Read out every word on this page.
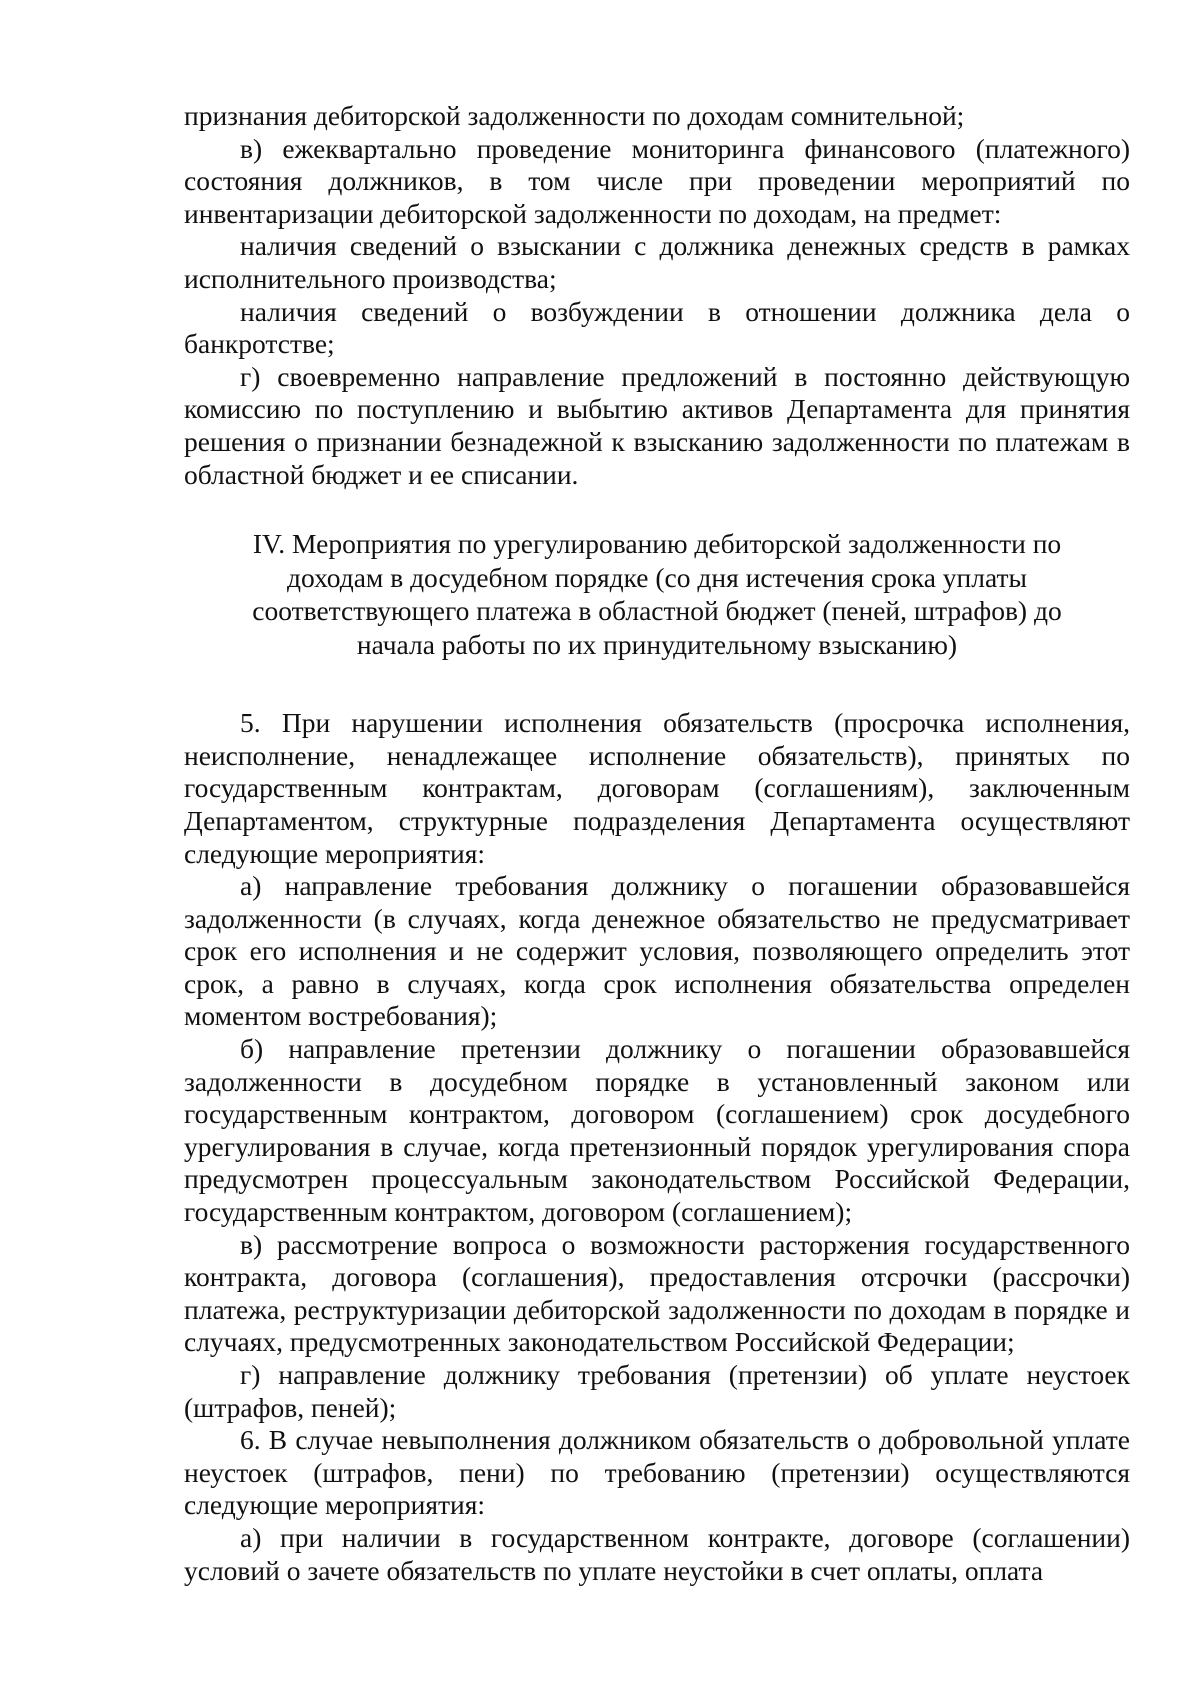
признания дебиторской задолженности по доходам сомнительной;

в) ежеквартально проведение мониторинга финансового (платежного) состояния должников, в том числе при проведении мероприятий по инвентаризации дебиторской задолженности по доходам, на предмет:

наличия сведений о взыскании с должника денежных средств в рамках исполнительного производства;

наличия сведений о возбуждении в отношении должника дела о банкротстве;

г) своевременно направление предложений в постоянно действующую комиссию по поступлению и выбытию активов Департамента для принятия решения о признании безнадежной к взысканию задолженности по платежам в областной бюджет и ее списании.

IV. Мероприятия по урегулированию дебиторской задолженности по доходам в досудебном порядке (со дня истечения срока уплаты соответствующего платежа в областной бюджет (пеней, штрафов) до начала работы по их принудительному взысканию)

5. При нарушении исполнения обязательств (просрочка исполнения, неисполнение, ненадлежащее исполнение обязательств), принятых по государственным контрактам, договорам (соглашениям), заключенным Департаментом, структурные подразделения Департамента осуществляют следующие мероприятия:

а) направление требования должнику о погашении образовавшейся задолженности (в случаях, когда денежное обязательство не предусматривает срок его исполнения и не содержит условия, позволяющего определить этот срок, а равно в случаях, когда срок исполнения обязательства определен моментом востребования);

б) направление претензии должнику о погашении образовавшейся задолженности в досудебном порядке в установленный законом или государственным контрактом, договором (соглашением) срок досудебного урегулирования в случае, когда претензионный порядок урегулирования спора предусмотрен процессуальным законодательством Российской Федерации, государственным контрактом, договором (соглашением);

в) рассмотрение вопроса о возможности расторжения государственного контракта, договора (соглашения), предоставления отсрочки (рассрочки) платежа, реструктуризации дебиторской задолженности по доходам в порядке и случаях, предусмотренных законодательством Российской Федерации;

г) направление должнику требования (претензии) об уплате неустоек (штрафов, пеней);

6. В случае невыполнения должником обязательств о добровольной уплате неустоек (штрафов, пени) по требованию (претензии) осуществляются следующие мероприятия:

а) при наличии в государственном контракте, договоре (соглашении) условий о зачете обязательств по уплате неустойки в счет оплаты, оплата
